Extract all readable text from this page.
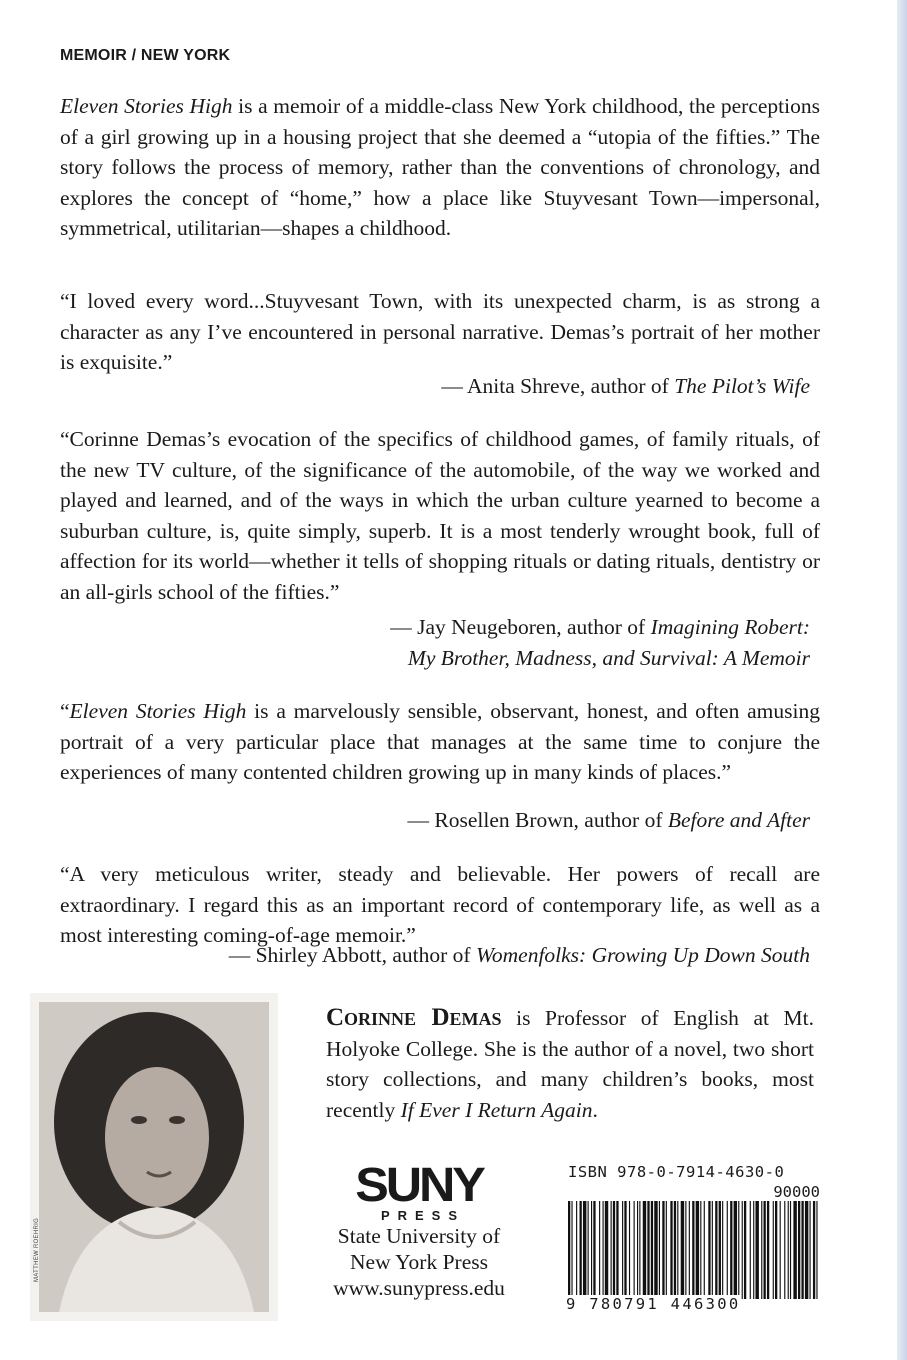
MEMOIR / NEW YORK

Eleven Stories High is a memoir of a middle-class New York childhood, the perceptions of a girl growing up in a housing project that she deemed a “utopia of the fifties.” The story follows the process of memory, rather than the conventions of chronology, and explores the concept of “home,” how a place like Stuyvesant Town—impersonal, symmetrical, utilitarian—shapes a childhood.

“I loved every word...Stuyvesant Town, with its unexpected charm, is as strong a character as any I’ve encountered in personal narrative. Demas’s portrait of her mother is exquisite.”

— Anita Shreve, author of The Pilot’s Wife

“Corinne Demas’s evocation of the specifics of childhood games, of family rituals, of the new TV culture, of the significance of the automobile, of the way we worked and played and learned, and of the ways in which the urban culture yearned to become a suburban culture, is, quite simply, superb. It is a most tenderly wrought book, full of affection for its world—whether it tells of shopping rituals or dating rituals, dentistry or an all-girls school of the fifties.”

— Jay Neugeboren, author of Imagining Robert:
My Brother, Madness, and Survival: A Memoir

“Eleven Stories High is a marvelously sensible, observant, honest, and often amusing portrait of a very particular place that manages at the same time to conjure the experiences of many contented children growing up in many kinds of places.”

— Rosellen Brown, author of Before and After

“A very meticulous writer, steady and believable. Her powers of recall are extraordinary. I regard this as an important record of contemporary life, as well as a most interesting coming-of-age memoir.”

— Shirley Abbott, author of Womenfolks: Growing Up Down South
MATTHEW ROEHRIG

Corinne Demas is Professor of English at Mt. Holyoke College. She is the author of a novel, two short story collections, and many children’s books, most recently If Ever I Return Again.

SUNY
PRESS
State University of
New York Press
www.sunypress.edu
ISBN 978-0-7914-4630-0
90000
9 780791 446300
